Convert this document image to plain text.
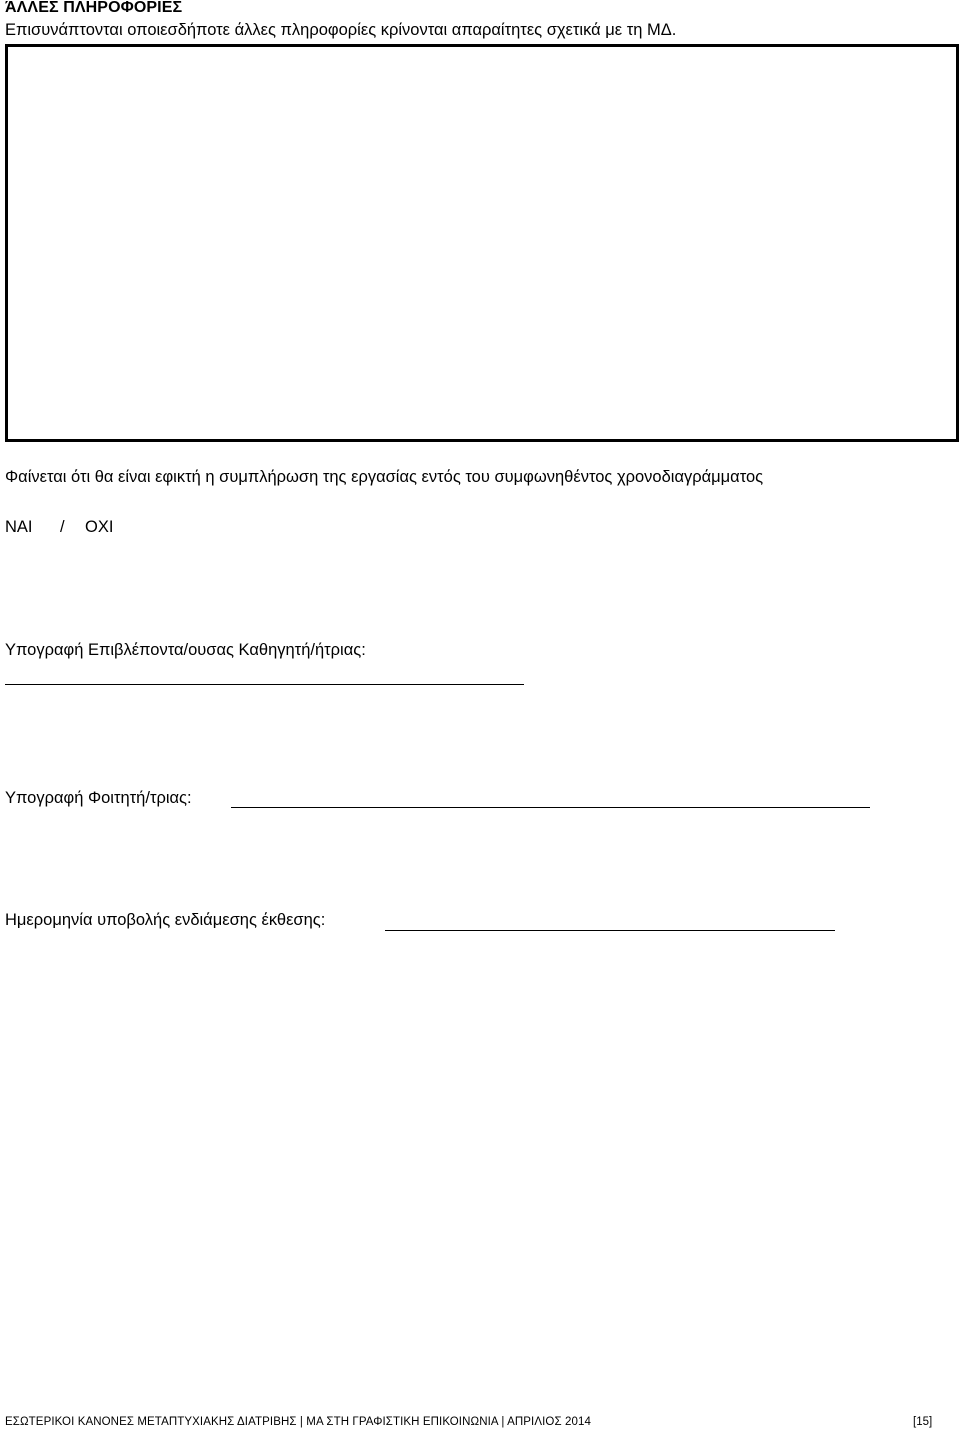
ΆΛΛΕΣ ΠΛΗΡΟΦΟΡΙΕΣ
Επισυνάπτονται οποιεσδήποτε άλλες πληροφορίες κρίνονται απαραίτητες σχετικά με τη ΜΔ.
Φαίνεται ότι θα είναι εφικτή η συμπλήρωση της εργασίας εντός του συμφωνηθέντος χρονοδιαγράμματος
ΝΑΙ / ΟΧΙ
Υπογραφή Επιβλέποντα/ουσας Καθηγητή/ήτριας:
Υπογραφή Φοιτητή/τριας:
Ημερομηνία υποβολής ενδιάμεσης έκθεσης:
ΕΣΩΤΕΡΙΚΟΙ ΚΑΝΟΝΕΣ ΜΕΤΑΠΤΥΧΙΑΚΗΣ ΔΙΑΤΡΙΒΗΣ | ΜΑ ΣΤΗ ΓΡΑΦΙΣΤΙΚΗ ΕΠΙΚΟΙΝΩΝΙΑ | ΑΠΡΙΛΙΟΣ 2014	[15]
